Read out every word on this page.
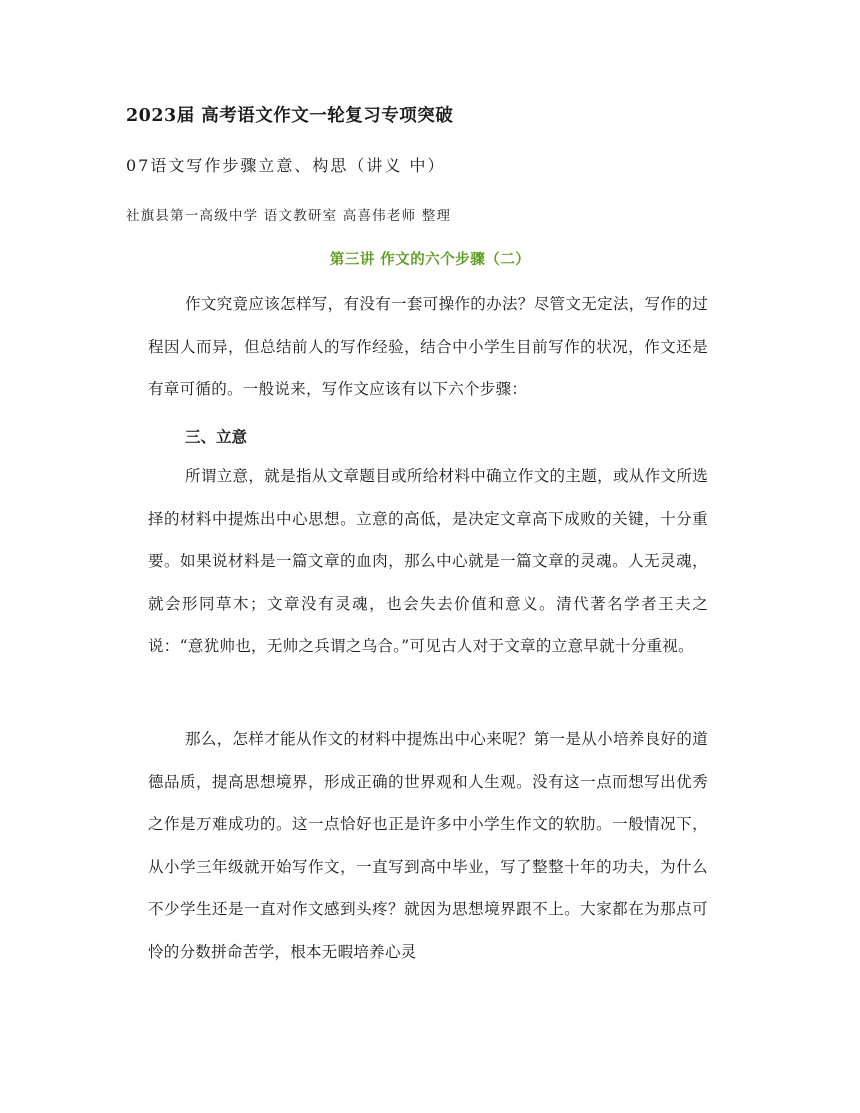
2023届 高考语文作文一轮复习专项突破
07语文写作步骤立意、构思（讲义 中）
社旗县第一高级中学 语文教研室 高喜伟老师 整理
第三讲 作文的六个步骤（二）

作文究竟应该怎样写，有没有一套可操作的办法？尽管文无定法，写作的过程因人而异，但总结前人的写作经验，结合中小学生目前写作的状况，作文还是有章可循的。一般说来，写作文应该有以下六个步骤：

三、立意

所谓立意，就是指从文章题目或所给材料中确立作文的主题，或从作文所选择的材料中提炼出中心思想。立意的高低，是决定文章高下成败的关键，十分重要。如果说材料是一篇文章的血肉，那么中心就是一篇文章的灵魂。人无灵魂，就会形同草木；文章没有灵魂，也会失去价值和意义。清代著名学者王夫之说：“意犹帅也，无帅之兵谓之乌合。”可见古人对于文章的立意早就十分重视。

那么，怎样才能从作文的材料中提炼出中心来呢？第一是从小培养良好的道德品质，提高思想境界，形成正确的世界观和人生观。没有这一点而想写出优秀之作是万难成功的。这一点恰好也正是许多中小学生作文的软肋。一般情况下，从小学三年级就开始写作文，一直写到高中毕业，写了整整十年的功夫，为什么不少学生还是一直对作文感到头疼？就因为思想境界跟不上。大家都在为那点可怜的分数拼命苦学，根本无暇培养心灵
